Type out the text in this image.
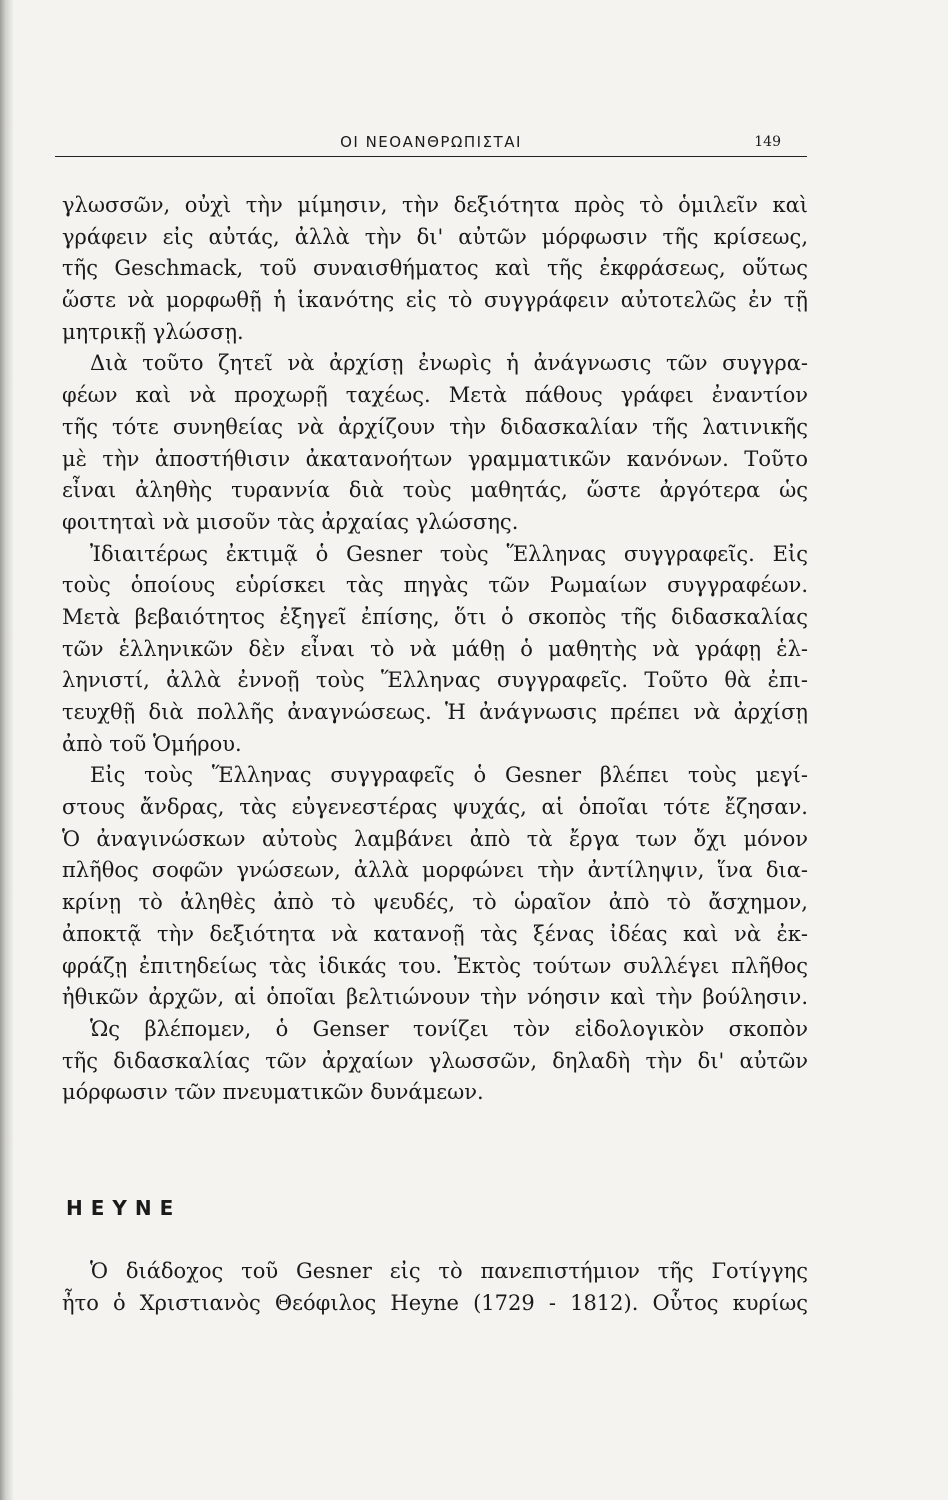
ΟΙ ΝΕΟΑΝΘΡΩΠΙΣΤΑΙ	149
γλωσσῶν, οὐχὶ τὴν μίμησιν, τὴν δεξιότητα πρὸς τὸ ὁμιλεῖν καὶ
γράφειν εἰς αὐτάς, ἀλλὰ τὴν δι' αὐτῶν μόρφωσιν τῆς κρίσεως,
τῆς Geschmack, τοῦ συναισθήματος καὶ τῆς ἐκφράσεως, οὕτως
ὥστε νὰ μορφωθῇ ἡ ἱκανότης εἰς τὸ συγγράφειν αὐτοτελῶς ἐν τῇ
μητρικῇ γλώσσῃ.
Διὰ τοῦτο ζητεῖ νὰ ἀρχίσῃ ἐνωρὶς ἡ ἀνάγνωσις τῶν συγγρα-
φέων καὶ νὰ προχωρῇ ταχέως. Μετὰ πάθους γράφει ἐναντίον
τῆς τότε συνηθείας νὰ ἀρχίζουν τὴν διδασκαλίαν τῆς λατινικῆς
μὲ τὴν ἀποστήθισιν ἀκατανοήτων γραμματικῶν κανόνων. Τοῦτο
εἶναι ἀληθὴς τυραννία διὰ τοὺς μαθητάς, ὥστε ἀργότερα ὡς
φοιτηταὶ νὰ μισοῦν τὰς ἀρχαίας γλώσσης.
Ἰδιαιτέρως ἐκτιμᾷ ὁ Gesner τοὺς Ἕλληνας συγγραφεῖς. Εἰς
τοὺς ὁποίους εὑρίσκει τὰς πηγὰς τῶν Ρωμαίων συγγραφέων.
Μετὰ βεβαιότητος ἐξηγεῖ ἐπίσης, ὅτι ὁ σκοπὸς τῆς διδασκαλίας
τῶν ἑλληνικῶν δὲν εἶναι τὸ νὰ μάθῃ ὁ μαθητὴς νὰ γράφῃ ἑλ-
ληνιστί, ἀλλὰ ἐννοῇ τοὺς Ἕλληνας συγγραφεῖς. Τοῦτο θὰ ἐπι-
τευχθῇ διὰ πολλῆς ἀναγνώσεως. Ἡ ἀνάγνωσις πρέπει νὰ ἀρχίσῃ
ἀπὸ τοῦ Ὁμήρου.
Εἰς τοὺς Ἕλληνας συγγραφεῖς ὁ Gesner βλέπει τοὺς μεγί-
στους ἄνδρας, τὰς εὐγενεστέρας ψυχάς, αἱ ὁποῖαι τότε ἔζησαν.
Ὁ ἀναγινώσκων αὐτοὺς λαμβάνει ἀπὸ τὰ ἔργα των ὄχι μόνον
πλῆθος σοφῶν γνώσεων, ἀλλὰ μορφώνει τὴν ἀντίληψιν, ἵνα δια-
κρίνῃ τὸ ἀληθὲς ἀπὸ τὸ ψευδές, τὸ ὡραῖον ἀπὸ τὸ ἄσχημον,
ἀποκτᾷ τὴν δεξιότητα νὰ κατανοῇ τὰς ξένας ἰδέας καὶ νὰ ἐκ-
φράζῃ ἐπιτηδείως τὰς ἰδικάς του. Ἐκτὸς τούτων συλλέγει πλῆθος
ἠθικῶν ἀρχῶν, αἱ ὁποῖαι βελτιώνουν τὴν νόησιν καὶ τὴν βούλησιν.
Ὡς βλέπομεν, ὁ Genser τονίζει τὸν εἰδολογικὸν σκοπὸν
τῆς διδασκαλίας τῶν ἀρχαίων γλωσσῶν, δηλαδὴ τὴν δι' αὐτῶν
μόρφωσιν τῶν πνευματικῶν δυνάμεων.
HEYNE
Ὁ διάδοχος τοῦ Gesner εἰς τὸ πανεπιστήμιον τῆς Γοτίγγης
ἦτο ὁ Χριστιανὸς Θεόφιλος Heyne (1729 - 1812). Οὗτος κυρίως
